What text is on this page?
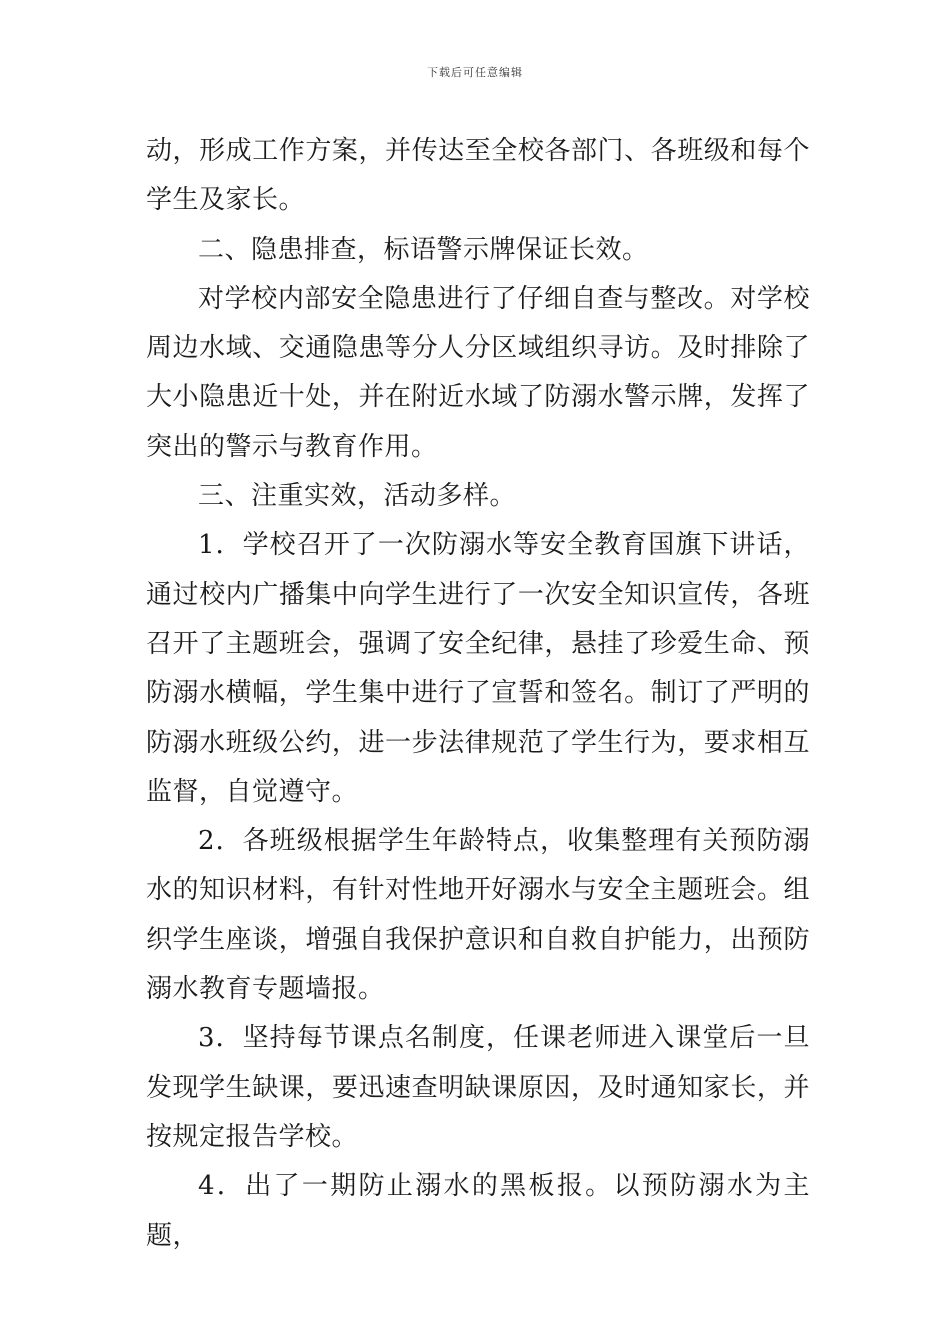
下载后可任意编辑

动，形成工作方案，并传达至全校各部门、各班级和每个学生及家长。

二、隐患排查，标语警示牌保证长效。

对学校内部安全隐患进行了仔细自查与整改。对学校周边水域、交通隐患等分人分区域组织寻访。及时排除了大小隐患近十处，并在附近水域了防溺水警示牌，发挥了突出的警示与教育作用。

三、注重实效，活动多样。

1．学校召开了一次防溺水等安全教育国旗下讲话，通过校内广播集中向学生进行了一次安全知识宣传，各班召开了主题班会，强调了安全纪律，悬挂了珍爱生命、预防溺水横幅，学生集中进行了宣誓和签名。制订了严明的防溺水班级公约，进一步法律规范了学生行为，要求相互监督，自觉遵守。

2．各班级根据学生年龄特点，收集整理有关预防溺水的知识材料，有针对性地开好溺水与安全主题班会。组织学生座谈，增强自我保护意识和自救自护能力，出预防溺水教育专题墙报。

3．坚持每节课点名制度，任课老师进入课堂后一旦发现学生缺课，要迅速查明缺课原因，及时通知家长，并按规定报告学校。

4．出了一期防止溺水的黑板报。以预防溺水为主题，
